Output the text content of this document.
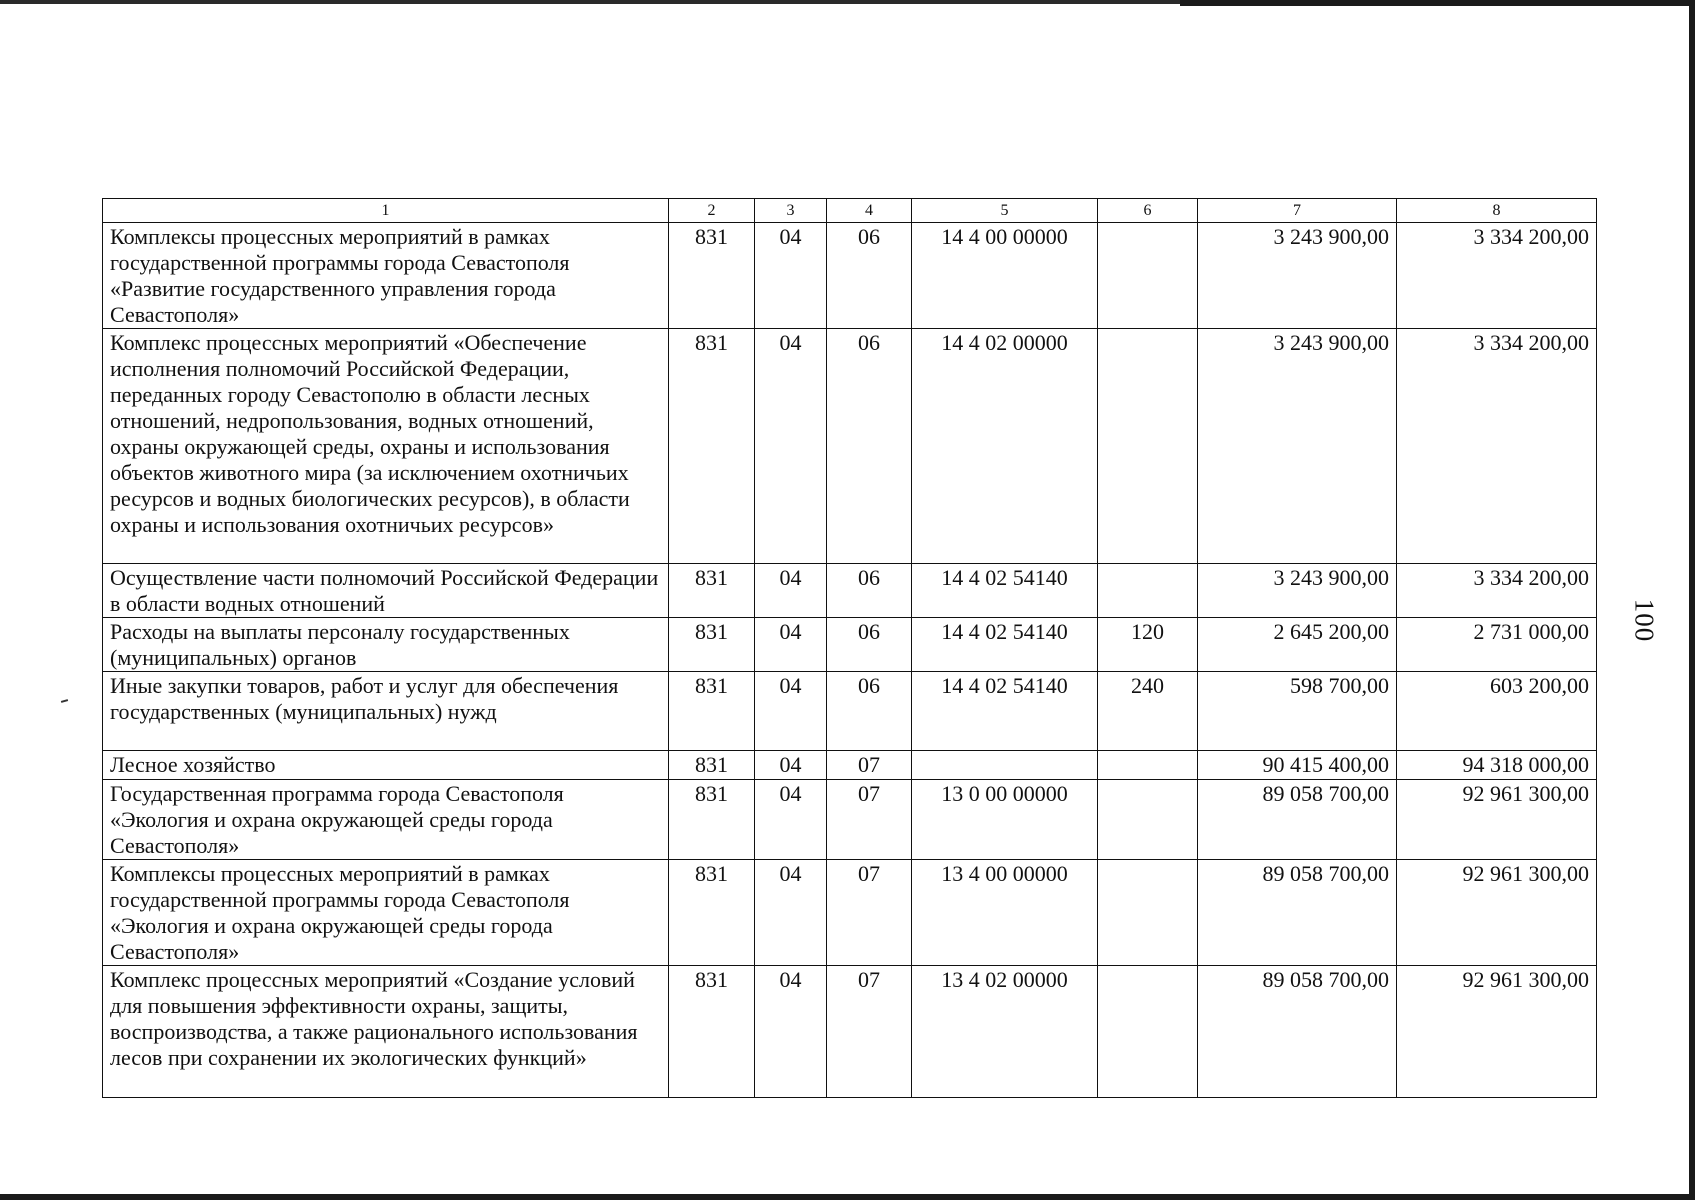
100
1	2	3	4	5	6	7	8
Комплексы процессных мероприятий в рамках государственной программы города Севастополя «Развитие государственного управления города Севастополя»	831	04	06	14 4 00 00000		3 243 900,00	3 334 200,00
Комплекс процессных мероприятий «Обеспечение исполнения полномочий Российской Федерации, переданных городу Севастополю в области лесных отношений, недропользования, водных отношений, охраны окружающей среды, охраны и использования объектов животного мира (за исключением охотничьих ресурсов и водных биологических ресурсов), в области охраны и использования охотничьих ресурсов»	831	04	06	14 4 02 00000		3 243 900,00	3 334 200,00
Осуществление части полномочий Российской Федерации в области водных отношений	831	04	06	14 4 02 54140		3 243 900,00	3 334 200,00
Расходы на выплаты персоналу государственных (муниципальных) органов	831	04	06	14 4 02 54140	120	2 645 200,00	2 731 000,00
Иные закупки товаров, работ и услуг для обеспечения государственных (муниципальных) нужд	831	04	06	14 4 02 54140	240	598 700,00	603 200,00
Лесное хозяйство	831	04	07			90 415 400,00	94 318 000,00
Государственная программа города Севастополя «Экология и охрана окружающей среды города Севастополя»	831	04	07	13 0 00 00000		89 058 700,00	92 961 300,00
Комплексы процессных мероприятий в рамках государственной программы города Севастополя «Экология и охрана окружающей среды города Севастополя»	831	04	07	13 4 00 00000		89 058 700,00	92 961 300,00
Комплекс процессных мероприятий «Создание условий для повышения эффективности охраны, защиты, воспроизводства, а также рационального использования лесов при сохранении их экологических функций»	831	04	07	13 4 02 00000		89 058 700,00	92 961 300,00
